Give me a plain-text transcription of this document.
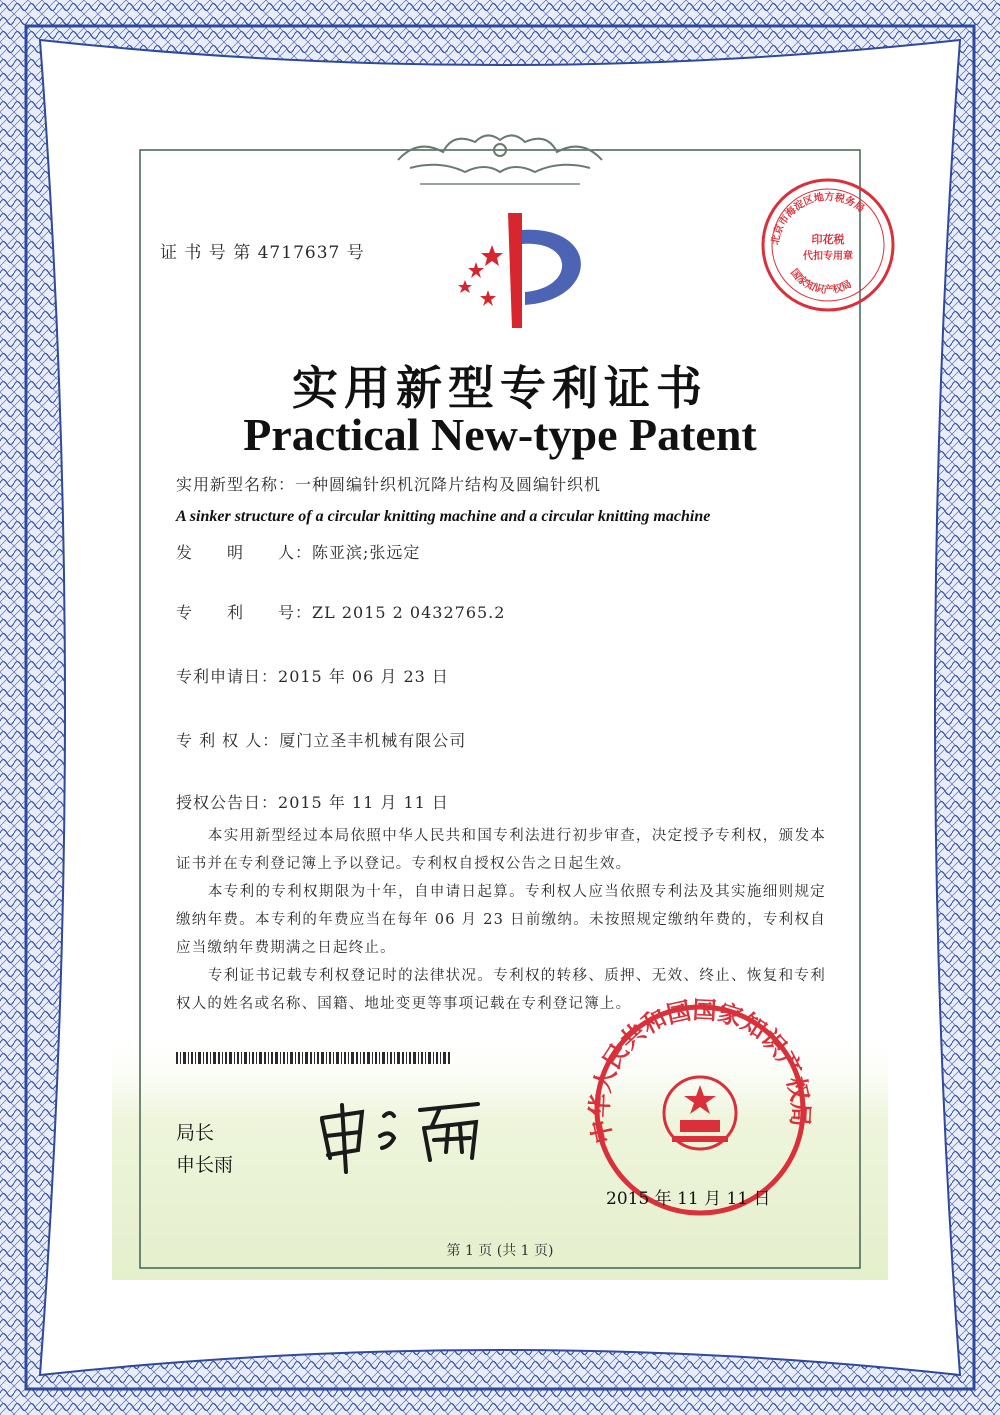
北京市海淀区地方税务局
国家知识产权局
印花税
代扣专用章
中华人民共和国国家知识产权局
证 书 号 第 4717637 号
实用新型专利证书
Practical New-type Patent
实用新型名称：一种圆编针织机沉降片结构及圆编针织机
A sinker structure of a circular knitting machine and a circular knitting machine
发　　明　　人：陈亚滨;张远定
专　　利　　号：ZL 2015 2 0432765.2
专利申请日：2015 年 06 月 23 日
专 利 权 人：厦门立圣丰机械有限公司
授权公告日：2015 年 11 月 11 日

本实用新型经过本局依照中华人民共和国专利法进行初步审查，决定授予专利权，颁发本证书并在专利登记簿上予以登记。专利权自授权公告之日起生效。

本专利的专利权期限为十年，自申请日起算。专利权人应当依照专利法及其实施细则规定缴纳年费。本专利的年费应当在每年 06 月 23 日前缴纳。未按照规定缴纳年费的，专利权自应当缴纳年费期满之日起终止。

专利证书记载专利权登记时的法律状况。专利权的转移、质押、无效、终止、恢复和专利权人的姓名或名称、国籍、地址变更等事项记载在专利登记簿上。

局长
申长雨
2015 年 11 月 11 日
第 1 页 (共 1 页)
